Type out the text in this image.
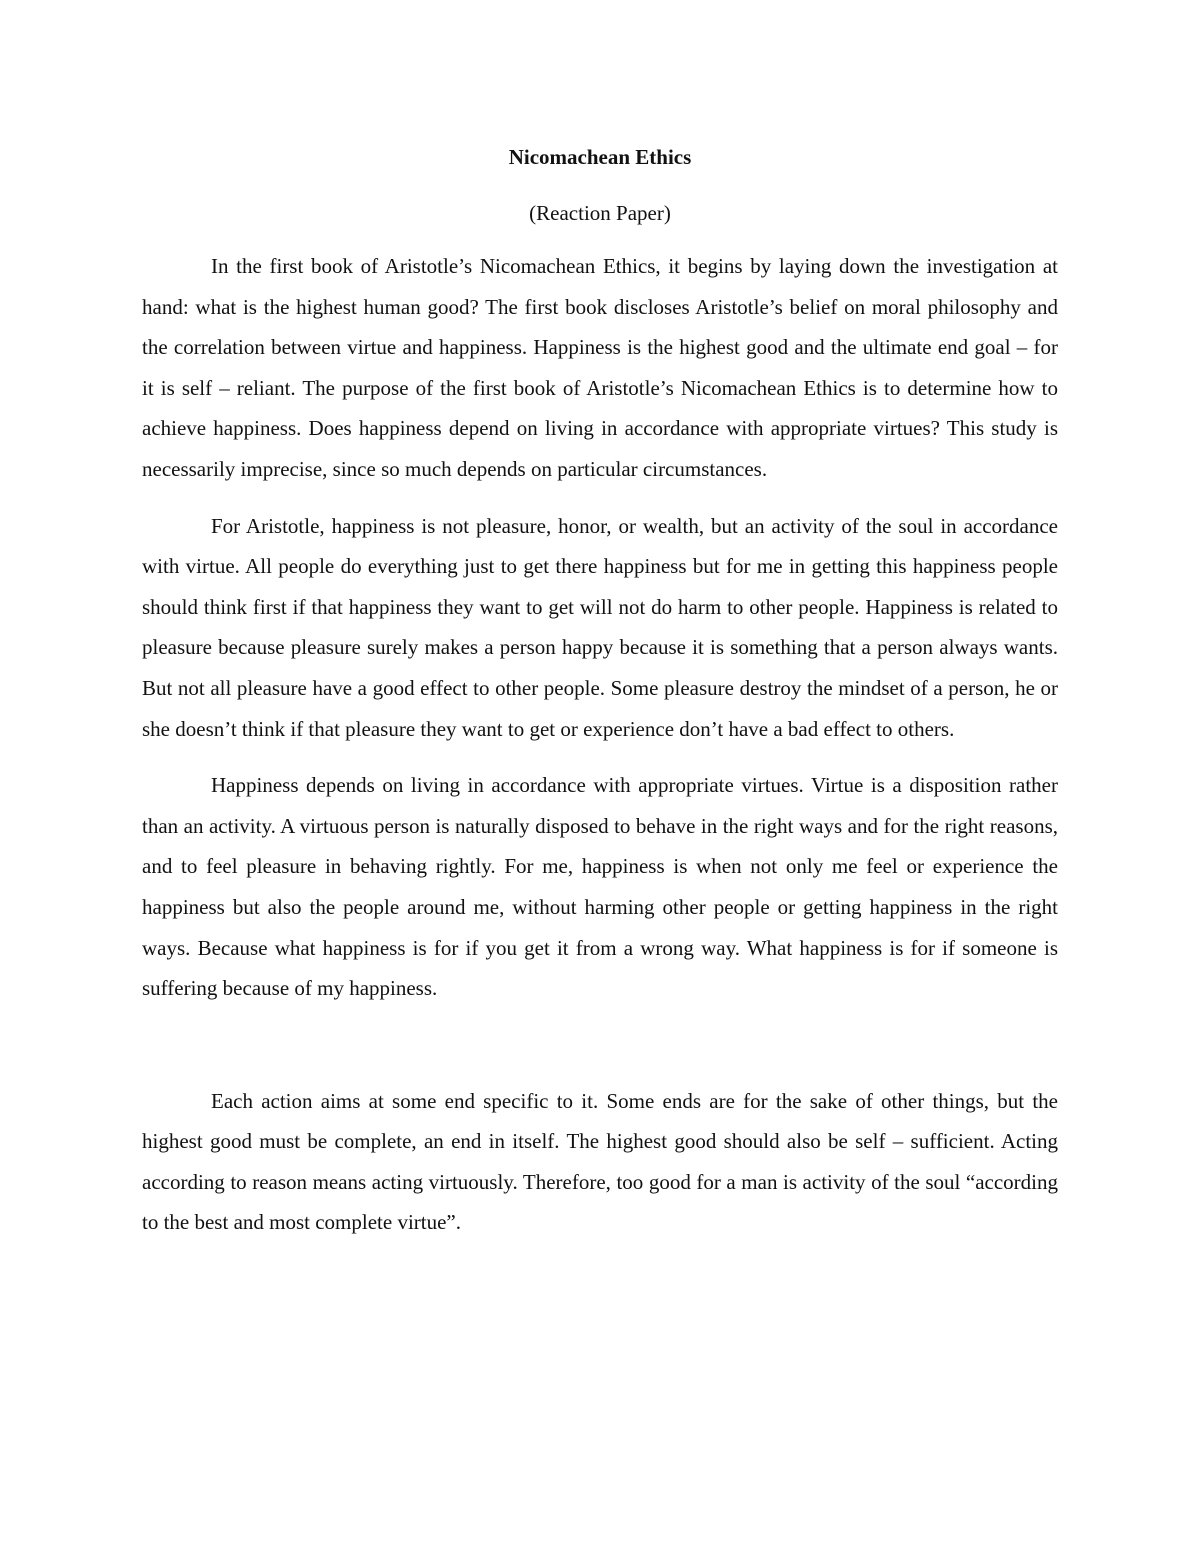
Nicomachean Ethics

(Reaction Paper)

In the first book of Aristotle’s Nicomachean Ethics, it begins by laying down the investigation at hand: what is the highest human good? The first book discloses Aristotle’s belief on moral philosophy and the correlation between virtue and happiness. Happiness is the highest good and the ultimate end goal – for it is self – reliant. The purpose of the first book of Aristotle’s Nicomachean Ethics is to determine how to achieve happiness. Does happiness depend on living in accordance with appropriate virtues? This study is necessarily imprecise, since so much depends on particular circumstances.

For Aristotle, happiness is not pleasure, honor, or wealth, but an activity of the soul in accordance with virtue. All people do everything just to get there happiness but for me in getting this happiness people should think first if that happiness they want to get will not do harm to other people. Happiness is related to pleasure because pleasure surely makes a person happy because it is something that a person always wants. But not all pleasure have a good effect to other people. Some pleasure destroy the mindset of a person, he or she doesn’t think if that pleasure they want to get or experience don’t have a bad effect to others.

Happiness depends on living in accordance with appropriate virtues. Virtue is a disposition rather than an activity. A virtuous person is naturally disposed to behave in the right ways and for the right reasons, and to feel pleasure in behaving rightly. For me, happiness is when not only me feel or experience the happiness but also the people around me, without harming other people or getting happiness in the right ways. Because what happiness is for if you get it from a wrong way. What happiness is for if someone is suffering because of my happiness.

Each action aims at some end specific to it. Some ends are for the sake of other things, but the highest good must be complete, an end in itself. The highest good should also be self – sufficient. Acting according to reason means acting virtuously. Therefore, too good for a man is activity of the soul “according to the best and most complete virtue”.
